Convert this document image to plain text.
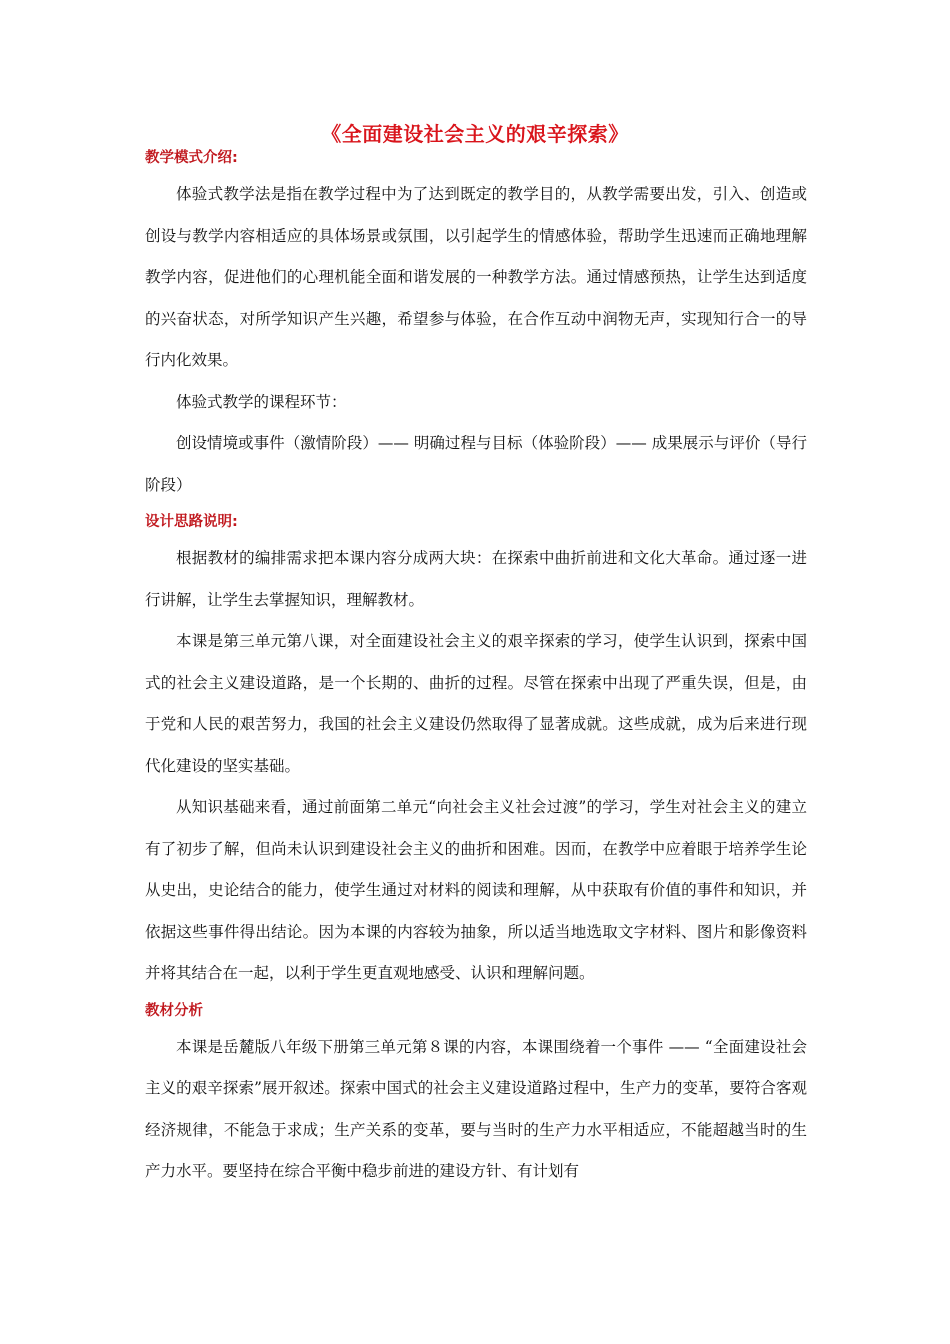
《全面建设社会主义的艰辛探索》
教学模式介绍:

体验式教学法是指在教学过程中为了达到既定的教学目的，从教学需要出发，引入、创造或创设与教学内容相适应的具体场景或氛围，以引起学生的情感体验，帮助学生迅速而正确地理解教学内容，促进他们的心理机能全面和谐发展的一种教学方法。通过情感预热，让学生达到适度的兴奋状态，对所学知识产生兴趣，希望参与体验，在合作互动中润物无声，实现知行合一的导行内化效果。

体验式教学的课程环节：

创设情境或事件（激情阶段）—— 明确过程与目标（体验阶段）—— 成果展示与评价（导行阶段）

设计思路说明:

根据教材的编排需求把本课内容分成两大块：在探索中曲折前进和文化大革命。通过逐一进行讲解，让学生去掌握知识，理解教材。

本课是第三单元第八课，对全面建设社会主义的艰辛探索的学习，使学生认识到，探索中国式的社会主义建设道路，是一个长期的、曲折的过程。尽管在探索中出现了严重失误，但是，由于党和人民的艰苦努力，我国的社会主义建设仍然取得了显著成就。这些成就，成为后来进行现代化建设的坚实基础。

从知识基础来看，通过前面第二单元“向社会主义社会过渡”的学习，学生对社会主义的建立有了初步了解，但尚未认识到建设社会主义的曲折和困难。因而，在教学中应着眼于培养学生论从史出，史论结合的能力，使学生通过对材料的阅读和理解，从中获取有价值的事件和知识，并依据这些事件得出结论。因为本课的内容较为抽象，所以适当地选取文字材料、图片和影像资料并将其结合在一起，以利于学生更直观地感受、认识和理解问题。

教材分析

本课是岳麓版八年级下册第三单元第８课的内容，本课围绕着一个事件 —— “全面建设社会主义的艰辛探索”展开叙述。探索中国式的社会主义建设道路过程中，生产力的变革，要符合客观经济规律，不能急于求成；生产关系的变革，要与当时的生产力水平相适应，不能超越当时的生产力水平。要坚持在综合平衡中稳步前进的建设方针、有计划有
